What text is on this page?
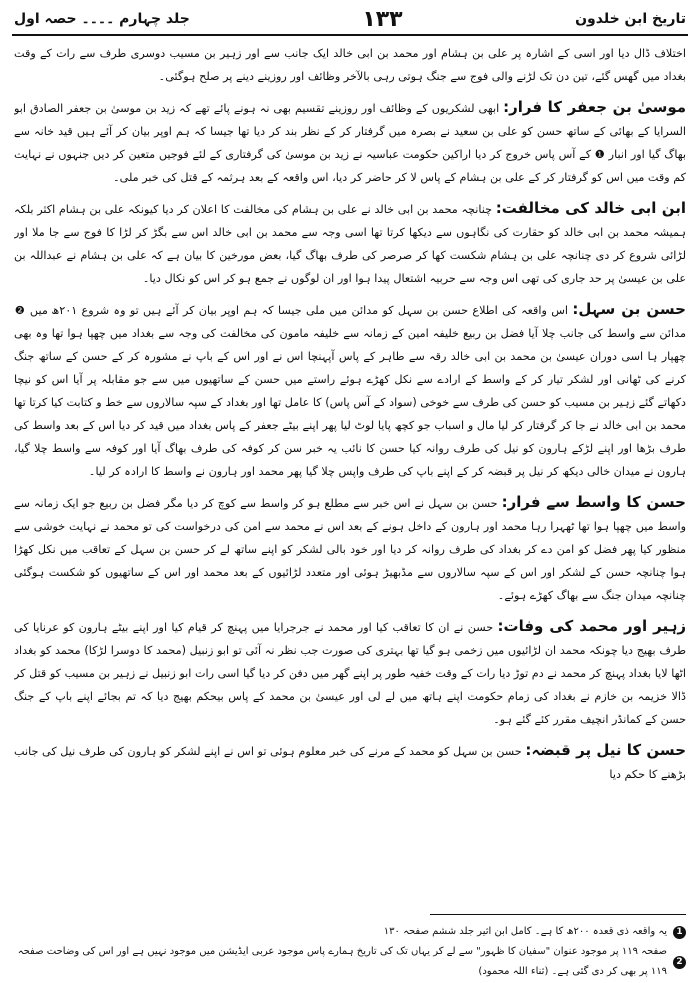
جلد چہارم ۔۔۔۔ حصہ اول	۱۳۳	تاریخ ابن خلدون

اختلاف ڈال دیا اور اسی کے اشارہ پر علی بن ہشام اور محمد بن ابی خالد ایک جانب سے اور زہیر بن مسیب دوسری طرف سے رات کے وقت بغداد میں گھس گئے، تین دن تک لڑنے والی فوج سے جنگ ہوتی رہی بالآخر وظائف اور روزینے دینے پر صلح ہوگئی۔

موسیٰ بن جعفر کا فرار: ابھی لشکریوں کے وظائف اور روزینے تقسیم بھی نہ ہونے پائے تھے کہ زید بن موسیٰ بن جعفر الصادق ابو السرایا کے بھائی کے ساتھ حسن کو علی بن سعید نے بصرہ میں گرفتار کر کے نظر بند کر دیا تھا جیسا کہ ہم اوپر بیان کر آئے ہیں قید خانہ سے بھاگ گیا اور انبار ❶ کے آس پاس خروج کر دیا اراکین حکومت عباسیہ نے زید بن موسیٰ کی گرفتاری کے لئے فوجیں متعین کر دیں جنہوں نے نہایت کم وقت میں اس کو گرفتار کر کے علی بن ہشام کے پاس لا کر حاضر کر دیا، اس واقعہ کے بعد ہرثمہ کے قتل کی خبر ملی۔

ابن ابی خالد کی مخالفت: چنانچہ محمد بن ابی خالد نے علی بن ہشام کی مخالفت کا اعلان کر دیا کیونکہ علی بن ہشام اکثر بلکہ ہمیشہ محمد بن ابی خالد کو حقارت کی نگاہوں سے دیکھا کرتا تھا اسی وجہ سے محمد بن ابی خالد اس سے بگڑ کر لڑا کا فوج سے جا ملا اور لڑائی شروع کر دی چنانچہ علی بن ہشام شکست کھا کر صرصر کی طرف بھاگ گیا، بعض مورخین کا بیان ہے کہ علی بن ہشام نے عبداللہ بن علی بن عیسیٰ پر حد جاری کی تھی اس وجہ سے حربیہ اشتعال پیدا ہوا اور ان لوگوں نے جمع ہو کر اس کو نکال دیا۔

حسن بن سہل: اس واقعہ کی اطلاع حسن بن سہل کو مدائن میں ملی جیسا کہ ہم اوپر بیان کر آئے ہیں تو وہ شروع ۲۰۱ھ میں ❷ مدائن سے واسط کی جانب چلا آیا فضل بن ربیع خلیفہ امین کے زمانہ سے خلیفہ مامون کی مخالفت کی وجہ سے بغداد میں چھپا ہوا تھا وہ بھی چھپار ہا اسی دوران عیسیٰ بن محمد بن ابی خالد رقہ سے طاہر کے پاس آپہنچا اس نے اور اس کے باپ نے مشورہ کر کے حسن کے ساتھ جنگ کرنے کی ٹھانی اور لشکر تیار کر کے واسط کے ارادے سے نکل کھڑے ہوئے راستے میں حسن کے ساتھیوں میں سے جو مقابلہ پر آیا اس کو نیچا دکھاتے گئے زہیر بن مسیب کو حسن کی طرف سے خوخی (سواد کے آس پاس) کا عامل تھا اور بغداد کے سپہ سالاروں سے خط و کتابت کیا کرتا تھا محمد بن ابی خالد نے جا کر گرفتار کر لیا مال و اسباب جو کچھ پایا لوٹ لیا پھر اپنے بیٹے جعفر کے پاس بغداد میں قید کر دیا اس کے بعد واسط کی طرف بڑھا اور اپنے لڑکے ہارون کو نیل کی طرف روانہ کیا حسن کا نائب یہ خبر سن کر کوفہ کی طرف بھاگ آیا اور کوفہ سے واسط چلا گیا، ہارون نے میدان خالی دیکھ کر نیل پر قبضہ کر کے اپنے باپ کی طرف واپس چلا گیا پھر محمد اور ہارون نے واسط کا ارادہ کر لیا۔

حسن کا واسط سے فرار: حسن بن سہل نے اس خبر سے مطلع ہو کر واسط سے کوچ کر دیا مگر فضل بن ربیع جو ایک زمانہ سے واسط میں چھپا ہوا تھا ٹھہرا رہا محمد اور ہارون کے داخل ہونے کے بعد اس نے محمد سے امن کی درخواست کی تو محمد نے نہایت خوشی سے منظور کیا پھر فضل کو امن دے کر بغداد کی طرف روانہ کر دیا اور خود بالی لشکر کو اپنے ساتھ لے کر حسن بن سہل کے تعاقب میں نکل کھڑا ہوا چنانچہ حسن کے لشکر اور اس کے سپہ سالاروں سے مڈبھیڑ ہوئی اور متعدد لڑائیوں کے بعد محمد اور اس کے ساتھیوں کو شکست ہوگئی چنانچہ میدان جنگ سے بھاگ کھڑے ہوئے۔

زہیر اور محمد کی وفات: حسن نے ان کا تعاقب کیا اور محمد نے جرجرایا میں پہنچ کر قیام کیا اور اپنے بیٹے ہارون کو عرنایا کی طرف بھیج دیا چونکہ محمد ان لڑائیوں میں زخمی ہو گیا تھا بہتری کی صورت جب نظر نہ آئی تو ابو زنبیل (محمد کا دوسرا لڑکا) محمد کو بغداد اٹھا لایا بغداد پہنچ کر محمد نے دم توڑ دیا رات کے وقت خفیہ طور پر اپنے گھر میں دفن کر دیا گیا اسی رات ابو زنبیل نے زہیر بن مسیب کو قتل کر ڈالا خزیمہ بن خازم نے بغداد کی زمام حکومت اپنے ہاتھ میں لے لی اور عیسیٰ بن محمد کے پاس بیحکم بھیج دیا کہ تم بجائے اپنے باپ کے جنگ حسن کے کمانڈر انچیف مقرر کئے گئے ہو۔

حسن کا نیل پر قبضہ: حسن بن سہل کو محمد کے مرنے کی خبر معلوم ہوئی تو اس نے اپنے لشکر کو ہارون کی طرف نیل کی جانب بڑھنے کا حکم دیا

1
یہ واقعہ ذی قعدہ ۲۰۰ھ کا ہے۔ کامل ابن اثیر جلد ششم صفحہ ۱۳۰
2
صفحہ ۱۱۹ پر موجود عنوان "سفیان کا ظہور" سے لے کر یہاں تک کی تاریخ ہمارے پاس موجود عربی ایڈیشن میں موجود نہیں ہے اور اس کی وضاحت صفحہ ۱۱۹ پر بھی کر دی گئی ہے۔ (ثناء اللہ محمود)
